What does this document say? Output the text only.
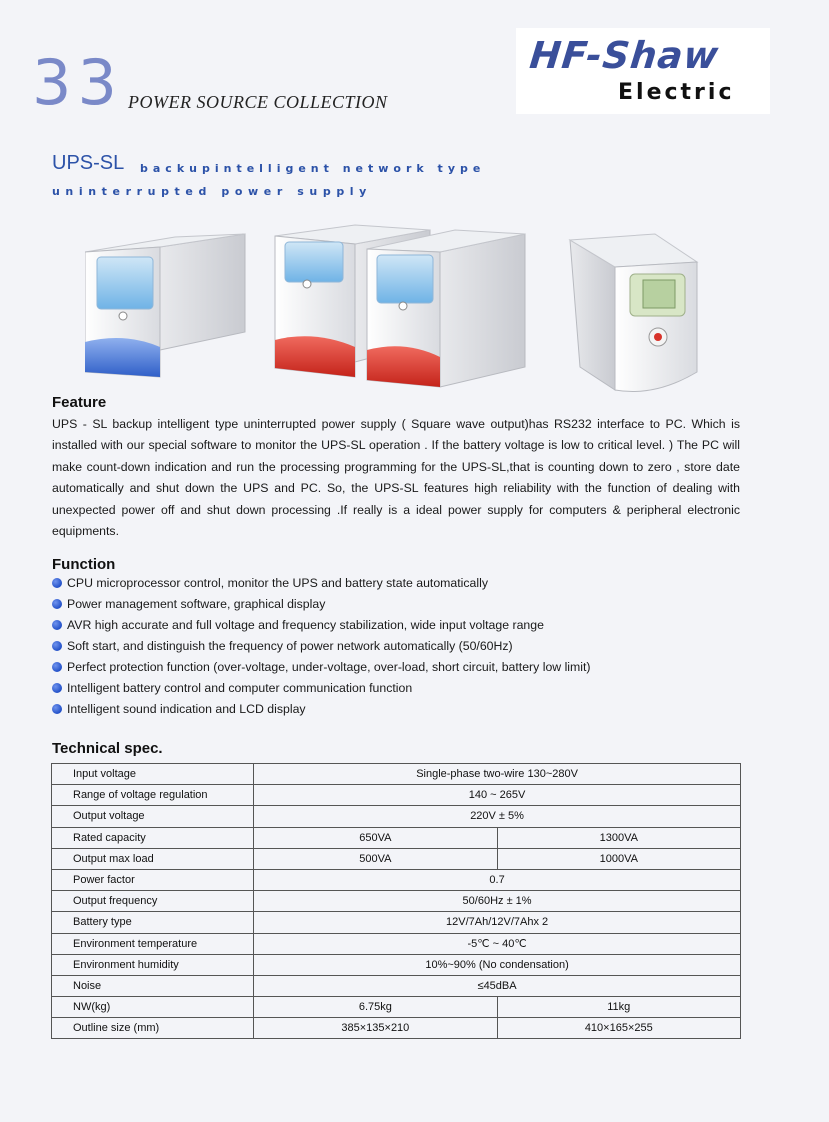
33 POWER SOURCE COLLECTION
HF-Shaw
Electric
UPS-SL backupintelligent network type
uninterrupted power supply
Feature
UPS - SL backup intelligent type uninterrupted power supply ( Square wave output)has RS232 interface to PC. Which is installed with our special software to monitor the UPS-SL operation . If the battery voltage is low to critical level. ) The PC will make count-down indication and run the processing programming for the UPS-SL,that is counting down to zero , store date automatically and shut down the UPS and PC. So, the UPS-SL features high reliability with the function of dealing with unexpected power off and shut down processing .If really is a ideal power supply for computers & peripheral electronic equipments.
Function
CPU microprocessor control, monitor the UPS and battery state automatically
Power management software, graphical display
AVR high accurate and full voltage and frequency stabilization, wide input voltage range
Soft start, and distinguish the frequency of power network automatically (50/60Hz)
Perfect protection function (over-voltage, under-voltage, over-load, short circuit, battery low limit)
Intelligent battery control and computer communication function
Intelligent sound indication and LCD display
Technical spec.
Input voltage	Single-phase two-wire 130~280V	
Range of voltage regulation	140 ~ 265V	
Output voltage	220V ± 5%	
Rated capacity	650VA	1300VA
Output max load	500VA	1000VA
Power factor	0.7	
Output frequency	50/60Hz ± 1%	
Battery type	12V/7Ah/12V/7Ahx 2	
Environment temperature	-5℃ ~ 40℃	
Environment humidity	10%~90% (No condensation)	
Noise	≤45dBA	
NW(kg)	6.75kg	11kg
Outline size (mm)	385×135×210	410×165×255
